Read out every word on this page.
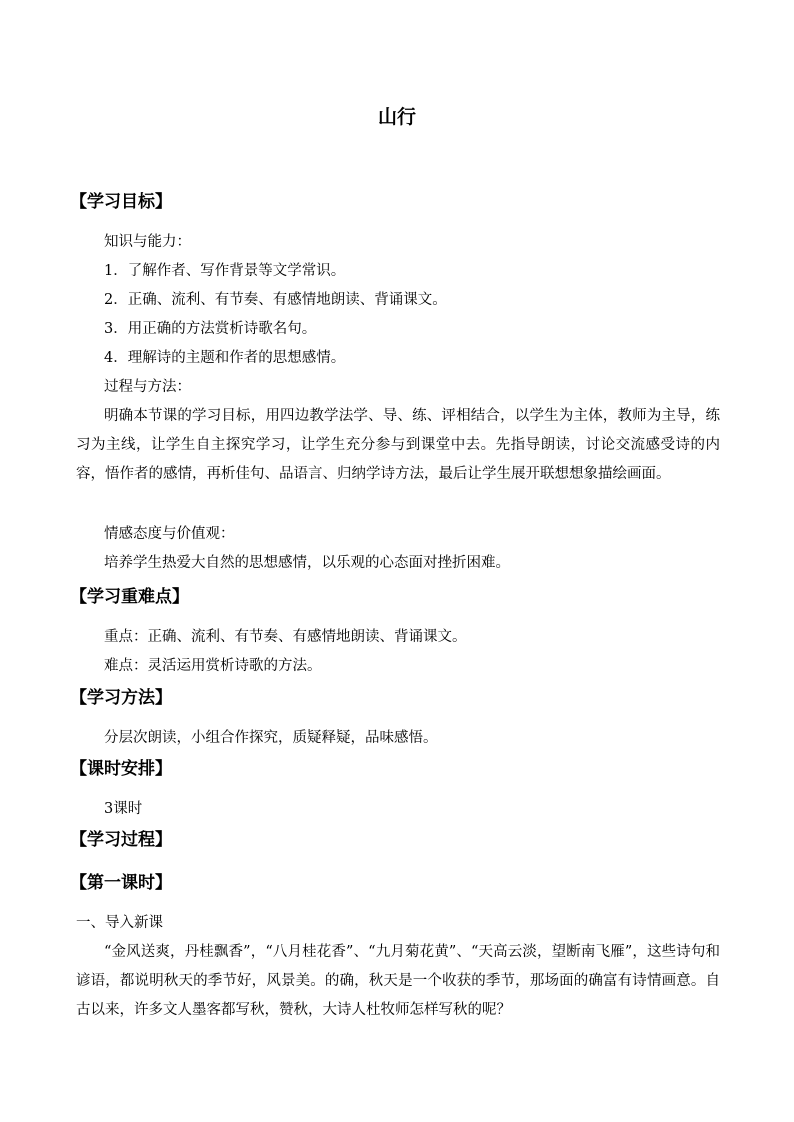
山行
【学习目标】
知识与能力：
1．了解作者、写作背景等文学常识。
2．正确、流利、有节奏、有感情地朗读、背诵课文。
3．用正确的方法赏析诗歌名句。
4．理解诗的主题和作者的思想感情。
过程与方法：
明确本节课的学习目标，用四边教学法学、导、练、评相结合，以学生为主体，教师为主导，练习为主线，让学生自主探究学习，让学生充分参与到课堂中去。先指导朗读，讨论交流感受诗的内容，悟作者的感情，再析佳句、品语言、归纳学诗方法，最后让学生展开联想想象描绘画面。
情感态度与价值观：
培养学生热爱大自然的思想感情，以乐观的心态面对挫折困难。
【学习重难点】
重点：正确、流利、有节奏、有感情地朗读、背诵课文。
难点：灵活运用赏析诗歌的方法。
【学习方法】
分层次朗读，小组合作探究，质疑释疑，品味感悟。
【课时安排】
3课时
【学习过程】
【第一课时】
一、导入新课
“金风送爽，丹桂飘香”，“八月桂花香”、“九月菊花黄”、“天高云淡，望断南飞雁”，这些诗句和谚语，都说明秋天的季节好，风景美。的确，秋天是一个收获的季节，那场面的确富有诗情画意。自古以来，许多文人墨客都写秋，赞秋，大诗人杜牧师怎样写秋的呢？
